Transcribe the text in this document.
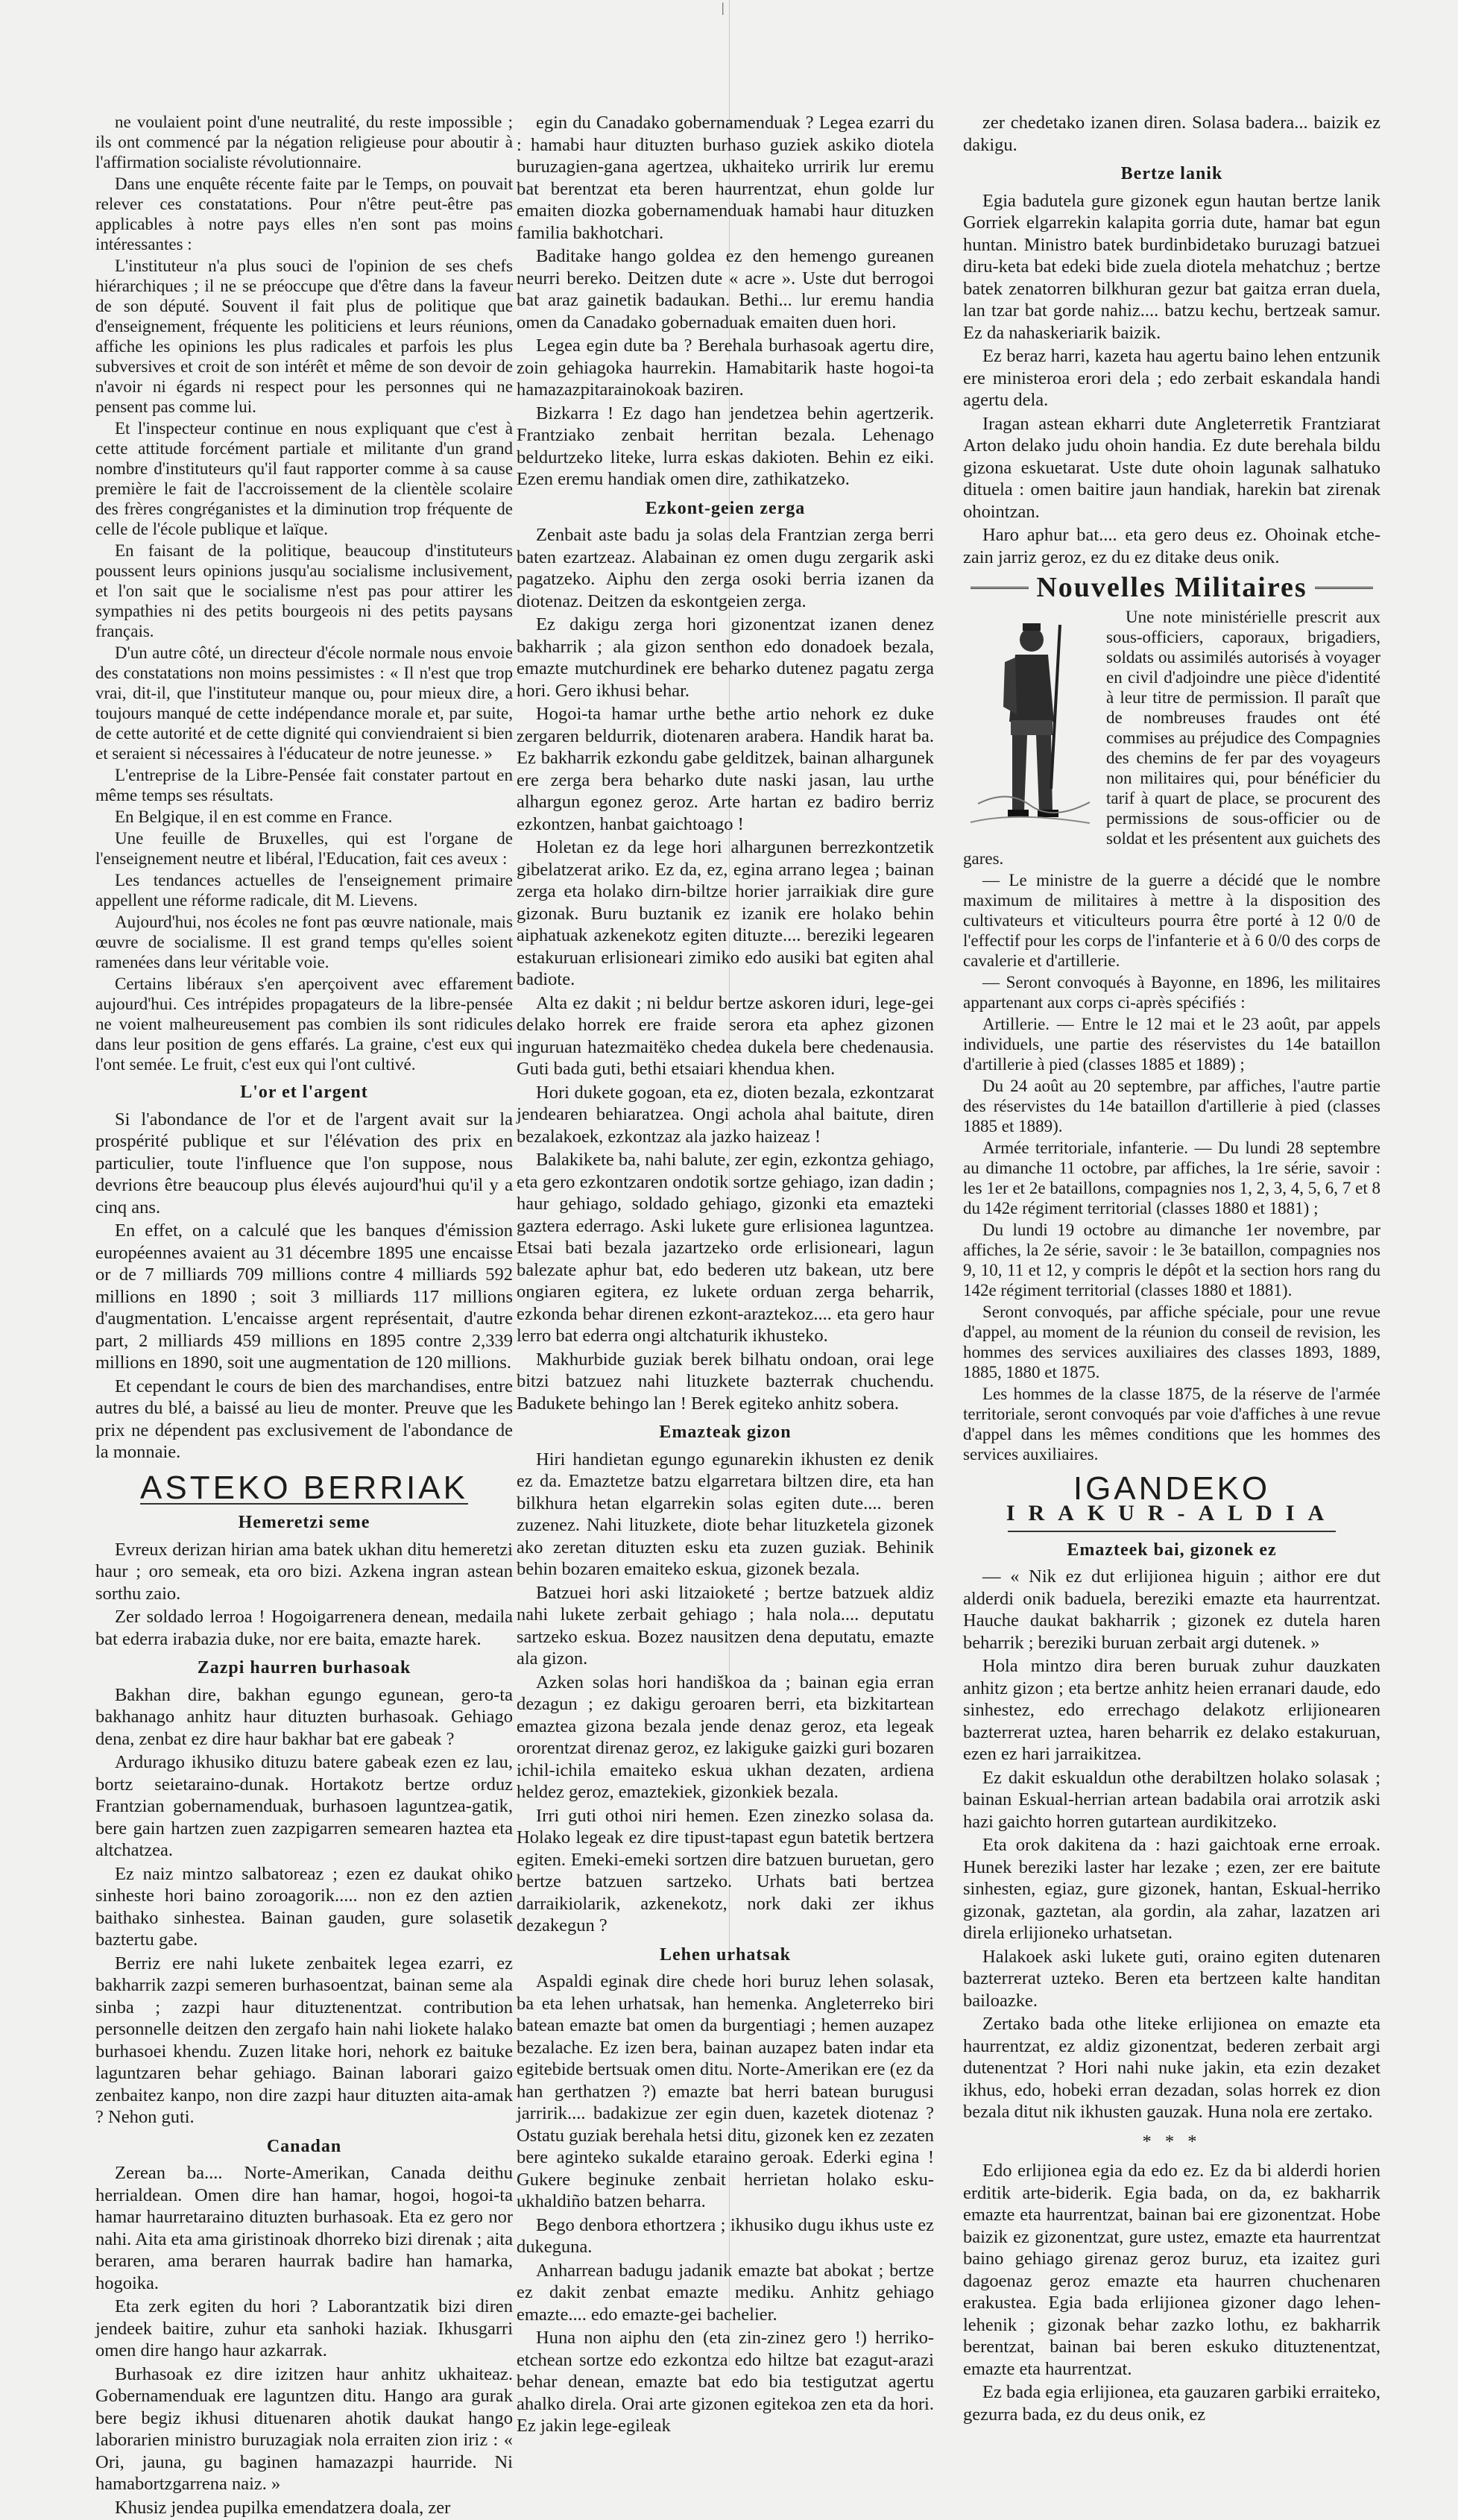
|

ne voulaient point d'une neutralité, du reste impossible ; ils ont commencé par la négation religieuse pour aboutir à l'affirmation socialiste révolutionnaire.

Dans une enquête récente faite par le Temps, on pouvait relever ces constatations. Pour n'être peut-être pas applicables à notre pays elles n'en sont pas moins intéressantes :

L'instituteur n'a plus souci de l'opinion de ses chefs hiérarchiques ; il ne se préoccupe que d'être dans la faveur de son député. Souvent il fait plus de politique que d'enseignement, fréquente les politiciens et leurs réunions, affiche les opinions les plus radicales et parfois les plus subversives et croit de son intérêt et même de son devoir de n'avoir ni égards ni respect pour les personnes qui ne pensent pas comme lui.

Et l'inspecteur continue en nous expliquant que c'est à cette attitude forcément partiale et militante d'un grand nombre d'instituteurs qu'il faut rapporter comme à sa cause première le fait de l'accroissement de la clientèle scolaire des frères congréganistes et la diminution trop fréquente de celle de l'école publique et laïque.

En faisant de la politique, beaucoup d'instituteurs poussent leurs opinions jusqu'au socialisme inclusivement, et l'on sait que le socialisme n'est pas pour attirer les sympathies ni des petits bourgeois ni des petits paysans français.

D'un autre côté, un directeur d'école normale nous envoie des constatations non moins pessimistes : « Il n'est que trop vrai, dit-il, que l'instituteur manque ou, pour mieux dire, a toujours manqué de cette indépendance morale et, par suite, de cette autorité et de cette dignité qui conviendraient si bien et seraient si nécessaires à l'éducateur de notre jeunesse. »

L'entreprise de la Libre-Pensée fait constater partout en même temps ses résultats.

En Belgique, il en est comme en France.

Une feuille de Bruxelles, qui est l'organe de l'enseignement neutre et libéral, l'Education, fait ces aveux :

Les tendances actuelles de l'enseignement primaire appellent une réforme radicale, dit M. Lievens.

Aujourd'hui, nos écoles ne font pas œuvre nationale, mais œuvre de socialisme. Il est grand temps qu'elles soient ramenées dans leur véritable voie.

Certains libéraux s'en aperçoivent avec effarement aujourd'hui. Ces intrépides propagateurs de la libre-pensée ne voient malheureusement pas combien ils sont ridicules dans leur position de gens effarés. La graine, c'est eux qui l'ont semée. Le fruit, c'est eux qui l'ont cultivé.

L'or et l'argent

Si l'abondance de l'or et de l'argent avait sur la prospérité publique et sur l'élévation des prix en particulier, toute l'influence que l'on suppose, nous devrions être beaucoup plus élevés aujourd'hui qu'il y a cinq ans.

En effet, on a calculé que les banques d'émission européennes avaient au 31 décembre 1895 une encaisse or de 7 milliards 709 millions contre 4 milliards 592 millions en 1890 ; soit 3 milliards 117 millions d'augmentation. L'encaisse argent représentait, d'autre part, 2 milliards 459 millions en 1895 contre 2,339 millions en 1890, soit une augmentation de 120 millions.

Et cependant le cours de bien des marchandises, entre autres du blé, a baissé au lieu de monter. Preuve que les prix ne dépendent pas exclusivement de l'abondance de la monnaie.

ASTEKO BERRIAK
Hemeretzi seme

Evreux derizan hirian ama batek ukhan ditu hemeretzi haur ; oro semeak, eta oro bizi. Azkena ingran astean sorthu zaio.

Zer soldado lerroa ! Hogoigarrenera denean, medaila bat ederra irabazia duke, nor ere baita, emazte harek.

Zazpi haurren burhasoak

Bakhan dire, bakhan egungo egunean, gero-ta bakhanago anhitz haur dituzten burhasoak. Gehiago dena, zenbat ez dire haur bakhar bat ere gabeak ?

Ardurago ikhusiko dituzu batere gabeak ezen ez lau, bortz seietaraino-dunak. Hortakotz bertze orduz Frantzian gobernamenduak, burhasoen laguntzea-gatik, bere gain hartzen zuen zazpigarren semearen haztea eta altchatzea.

Ez naiz mintzo salbatoreaz ; ezen ez daukat ohiko sinheste hori baino zoroagorik..... non ez den aztien baithako sinhestea. Bainan gauden, gure solasetik baztertu gabe.

Berriz ere nahi lukete zenbaitek legea ezarri, ez bakharrik zazpi semeren burhasoentzat, bainan seme ala sinba ; zazpi haur dituztenentzat. contribution personnelle deitzen den zergafo hain nahi liokete halako burhasoei khendu. Zuzen litake hori, nehork ez baituke laguntzaren behar gehiago. Bainan laborari gaizo zenbaitez kanpo, non dire zazpi haur dituzten aita-amak ? Nehon guti.

Canadan

Zerean ba.... Norte-Amerikan, Canada deithu herrialdean. Omen dire han hamar, hogoi, hogoi-ta hamar haurretaraino dituzten burhasoak. Eta ez gero nor nahi. Aita eta ama giristinoak dhorreko bizi direnak ; aita beraren, ama beraren haurrak badire han hamarka, hogoika.

Eta zerk egiten du hori ? Laborantzatik bizi diren jendeek baitire, zuhur eta sanhoki haziak. Ikhusgarri omen dire hango haur azkarrak.

Burhasoak ez dire izitzen haur anhitz ukhaiteaz. Gobernamenduak ere laguntzen ditu. Hango ara gurak bere begiz ikhusi dituenaren ahotik daukat hango laborarien ministro buruzagiak nola erraiten zion iriz : « Ori, jauna, gu baginen hamazazpi haurride. Ni hamabortzgarrena naiz. »

Khusiz jendea pupilka emendatzera doala, zer

egin du Canadako gobernamenduak ? Legea ezarri du : hamabi haur dituzten burhaso guziek askiko diotela buruzagien-gana agertzea, ukhaiteko urririk lur eremu bat berentzat eta beren haurrentzat, ehun golde lur emaiten diozka gobernamenduak hamabi haur dituzken familia bakhotchari.

Baditake hango goldea ez den hemengo gureanen neurri bereko. Deitzen dute « acre ». Uste dut berrogoi bat araz gainetik badaukan. Bethi... lur eremu handia omen da Canadako gobernaduak emaiten duen hori.

Legea egin dute ba ? Berehala burhasoak agertu dire, zoin gehiagoka haurrekin. Hamabitarik haste hogoi-ta hamazazpitarainokoak baziren.

Bizkarra ! Ez dago han jendetzea behin agertzerik. Frantziako zenbait herritan bezala. Lehenago beldurtzeko liteke, lurra eskas dakioten. Behin ez eiki. Ezen eremu handiak omen dire, zathikatzeko.

Ezkont-geien zerga

Zenbait aste badu ja solas dela Frantzian zerga berri baten ezartzeaz. Alabainan ez omen dugu zergarik aski pagatzeko. Aiphu den zerga osoki berria izanen da diotenaz. Deitzen da eskontgeien zerga.

Ez dakigu zerga hori gizonentzat izanen denez bakharrik ; ala gizon senthon edo donadoek bezala, emazte mutchurdinek ere beharko dutenez pagatu zerga hori. Gero ikhusi behar.

Hogoi-ta hamar urthe bethe artio nehork ez duke zergaren beldurrik, diotenaren arabera. Handik harat ba. Ez bakharrik ezkondu gabe gelditzek, bainan alhargunek ere zerga bera beharko dute naski jasan, lau urthe alhargun egonez geroz. Arte hartan ez badiro berriz ezkontzen, hanbat gaichtoago !

Holetan ez da lege hori alhargunen berrezkontzetik gibelatzerat ariko. Ez da, ez, egina arrano legea ; bainan zerga eta holako dirn-biltze horier jarraikiak dire gure gizonak. Buru buztanik ez izanik ere holako behin aiphatuak azkenekotz egiten dituzte.... bereziki legearen estakuruan erlisioneari zimiko edo ausiki bat egiten ahal badiote.

Alta ez dakit ; ni beldur bertze askoren iduri, lege-gei delako horrek ere fraide serora eta aphez gizonen inguruan hatezmaitëko chedea dukela bere chedenausia. Guti bada guti, bethi etsaiari khendua khen.

Hori dukete gogoan, eta ez, dioten bezala, ezkontzarat jendearen behiaratzea. Ongi achola ahal baitute, diren bezalakoek, ezkontzaz ala jazko haizeaz !

Balakikete ba, nahi balute, zer egin, ezkontza gehiago, eta gero ezkontzaren ondotik sortze gehiago, izan dadin ; haur gehiago, soldado gehiago, gizonki eta emazteki gaztera ederrago. Aski lukete gure erlisionea laguntzea. Etsai bati bezala jazartzeko orde erlisioneari, lagun balezate aphur bat, edo bederen utz bakean, utz bere ongiaren egitera, ez lukete orduan zerga beharrik, ezkonda behar direnen ezkont-araztekoz.... eta gero haur lerro bat ederra ongi altchaturik ikhusteko.

Makhurbide guziak berek bilhatu ondoan, orai lege bitzi batzuez nahi lituzkete bazterrak chuchendu. Badukete behingo lan ! Berek egiteko anhitz sobera.

Emazteak gizon

Hiri handietan egungo egunarekin ikhusten ez denik ez da. Emaztetze batzu elgarretara biltzen dire, eta han bilkhura hetan elgarrekin solas egiten dute.... beren zuzenez. Nahi lituzkete, diote behar lituzketela gizonek ako zeretan dituzten esku eta zuzen guziak. Behinik behin bozaren emaiteko eskua, gizonek bezala.

Batzuei hori aski litzaioketé ; bertze batzuek aldiz nahi lukete zerbait gehiago ; hala nola.... deputatu sartzeko eskua. Bozez nausitzen dena deputatu, emazte ala gizon.

Azken solas hori handiškoa da ; bainan egia erran dezagun ; ez dakigu geroaren berri, eta bizkitartean emaztea gizona bezala jende denaz geroz, eta legeak ororentzat direnaz geroz, ez lakiguke gaizki guri bozaren ichil-ichila emaiteko eskua ukhan dezaten, ardiena heldez geroz, emaztekiek, gizonkiek bezala.

Irri guti othoi niri hemen. Ezen zinezko solasa da. Holako legeak ez dire tipust-tapast egun batetik bertzera egiten. Emeki-emeki sortzen dire batzuen buruetan, gero bertze batzuen sartzeko. Urhats bati bertzea darraikiolarik, azkenekotz, nork daki zer ikhus dezakegun ?

Lehen urhatsak

Aspaldi eginak dire chede hori buruz lehen solasak, ba eta lehen urhatsak, han hemenka. Angleterreko biri batean emazte bat omen da burgentiagi ; hemen auzapez bezalache. Ez izen bera, bainan auzapez baten indar eta egitebide bertsuak omen ditu. Norte-Amerikan ere (ez da han gerthatzen ?) emazte bat herri batean burugusi jarririk.... badakizue zer egin duen, kazetek diotenaz ? Ostatu guziak berehala hetsi ditu, gizonek ken ez zezaten bere aginteko sukalde etaraino geroak. Ederki egina ! Gukere beginuke zenbait herrietan holako esku-ukhaldiño batzen beharra.

Bego denbora ethortzera ; ikhusiko dugu ikhus uste ez dukeguna.

Anharrean badugu jadanik emazte bat abokat ; bertze ez dakit zenbat emazte mediku. Anhitz gehiago emazte.... edo emazte-gei bachelier.

Huna non aiphu den (eta zin-zinez gero !) herriko-etchean sortze edo ezkontza edo hiltze bat ezagut-arazi behar denean, emazte bat edo bia testigutzat agertu ahalko direla. Orai arte gizonen egitekoa zen eta da hori. Ez jakin lege-egileak

zer chedetako izanen diren. Solasa badera... baizik ez dakigu.

Bertze lanik

Egia badutela gure gizonek egun hautan bertze lanik Gorriek elgarrekin kalapita gorria dute, hamar bat egun huntan. Ministro batek burdinbidetako buruzagi batzuei diru-keta bat edeki bide zuela diotela mehatchuz ; bertze batek zenatorren bilkhuran gezur bat gaitza erran duela, lan tzar bat gorde nahiz.... batzu kechu, bertzeak samur. Ez da nahaskeriarik baizik.

Ez beraz harri, kazeta hau agertu baino lehen entzunik ere ministeroa erori dela ; edo zerbait eskandala handi agertu dela.

Iragan astean ekharri dute Angleterretik Frantziarat Arton delako judu ohoin handia. Ez dute berehala bildu gizona eskuetarat. Uste dute ohoin lagunak salhatuko dituela : omen baitire jaun handiak, harekin bat zirenak ohointzan.

Haro aphur bat.... eta gero deus ez. Ohoinak etche-zain jarriz geroz, ez du ez ditake deus onik.

Nouvelles Militaires

Une note ministérielle prescrit aux sous-officiers, caporaux, brigadiers, soldats ou assimilés autorisés à voyager en civil d'adjoindre une pièce d'identité à leur titre de permission. Il paraît que de nombreuses fraudes ont été commises au préjudice des Compagnies des chemins de fer par des voyageurs non militaires qui, pour bénéficier du tarif à quart de place, se procurent des permissions de sous-officier ou de soldat et les présentent aux guichets des gares.

— Le ministre de la guerre a décidé que le nombre maximum de militaires à mettre à la disposition des cultivateurs et viticulteurs pourra être porté à 12 0/0 de l'effectif pour les corps de l'infanterie et à 6 0/0 des corps de cavalerie et d'artillerie.

— Seront convoqués à Bayonne, en 1896, les militaires appartenant aux corps ci-après spécifiés :

Artillerie. — Entre le 12 mai et le 23 août, par appels individuels, une partie des réservistes du 14e bataillon d'artillerie à pied (classes 1885 et 1889) ;

Du 24 août au 20 septembre, par affiches, l'autre partie des réservistes du 14e bataillon d'artillerie à pied (classes 1885 et 1889).

Armée territoriale, infanterie. — Du lundi 28 septembre au dimanche 11 octobre, par affiches, la 1re série, savoir : les 1er et 2e bataillons, compagnies nos 1, 2, 3, 4, 5, 6, 7 et 8 du 142e régiment territorial (classes 1880 et 1881) ;

Du lundi 19 octobre au dimanche 1er novembre, par affiches, la 2e série, savoir : le 3e bataillon, compagnies nos 9, 10, 11 et 12, y compris le dépôt et la section hors rang du 142e régiment territorial (classes 1880 et 1881).

Seront convoqués, par affiche spéciale, pour une revue d'appel, au moment de la réunion du conseil de revision, les hommes des services auxiliaires des classes 1893, 1889, 1885, 1880 et 1875.

Les hommes de la classe 1875, de la réserve de l'armée territoriale, seront convoqués par voie d'affiches à une revue d'appel dans les mêmes conditions que les hommes des services auxiliaires.

IGANDEKO
IRAKUR-ALDIA
Emazteek bai, gizonek ez

— « Nik ez dut erlijionea higuin ; aithor ere dut alderdi onik baduela, bereziki emazte eta haurrentzat. Hauche daukat bakharrik ; gizonek ez dutela haren beharrik ; bereziki buruan zerbait argi dutenek. »

Hola mintzo dira beren buruak zuhur dauzkaten anhitz gizon ; eta bertze anhitz heien erranari daude, edo sinhestez, edo errechago delakotz erlijionearen bazterrerat uztea, haren beharrik ez delako estakuruan, ezen ez hari jarraikitzea.

Ez dakit eskualdun othe derabiltzen holako solasak ; bainan Eskual-herrian artean badabila orai arrotzik aski hazi gaichto horren gutartean aurdikitzeko.

Eta orok dakitena da : hazi gaichtoak erne erroak. Hunek bereziki laster har lezake ; ezen, zer ere baitute sinhesten, egiaz, gure gizonek, hantan, Eskual-herriko gizonak, gaztetan, ala gordin, ala zahar, lazatzen ari direla erlijioneko urhatsetan.

Halakoek aski lukete guti, oraino egiten dutenaren bazterrerat uzteko. Beren eta bertzeen kalte handitan bailoazke.

Zertako bada othe liteke erlijionea on emazte eta haurrentzat, ez aldiz gizonentzat, bederen zerbait argi dutenentzat ? Hori nahi nuke jakin, eta ezin dezaket ikhus, edo, hobeki erran dezadan, solas horrek ez dion bezala ditut nik ikhusten gauzak. Huna nola ere zertako.

* * *

Edo erlijionea egia da edo ez. Ez da bi alderdi horien erditik arte-biderik. Egia bada, on da, ez bakharrik emazte eta haurrentzat, bainan bai ere gizonentzat. Hobe baizik ez gizonentzat, gure ustez, emazte eta haurrentzat baino gehiago girenaz geroz buruz, eta izaitez guri dagoenaz geroz emazte eta haurren chuchenaren erakustea. Egia bada erlijionea gizoner dago lehen-lehenik ; gizonak behar zazko lothu, ez bakharrik berentzat, bainan bai beren eskuko dituztenentzat, emazte eta haurrentzat.

Ez bada egia erlijionea, eta gauzaren garbiki erraiteko, gezurra bada, ez du deus onik, ez
